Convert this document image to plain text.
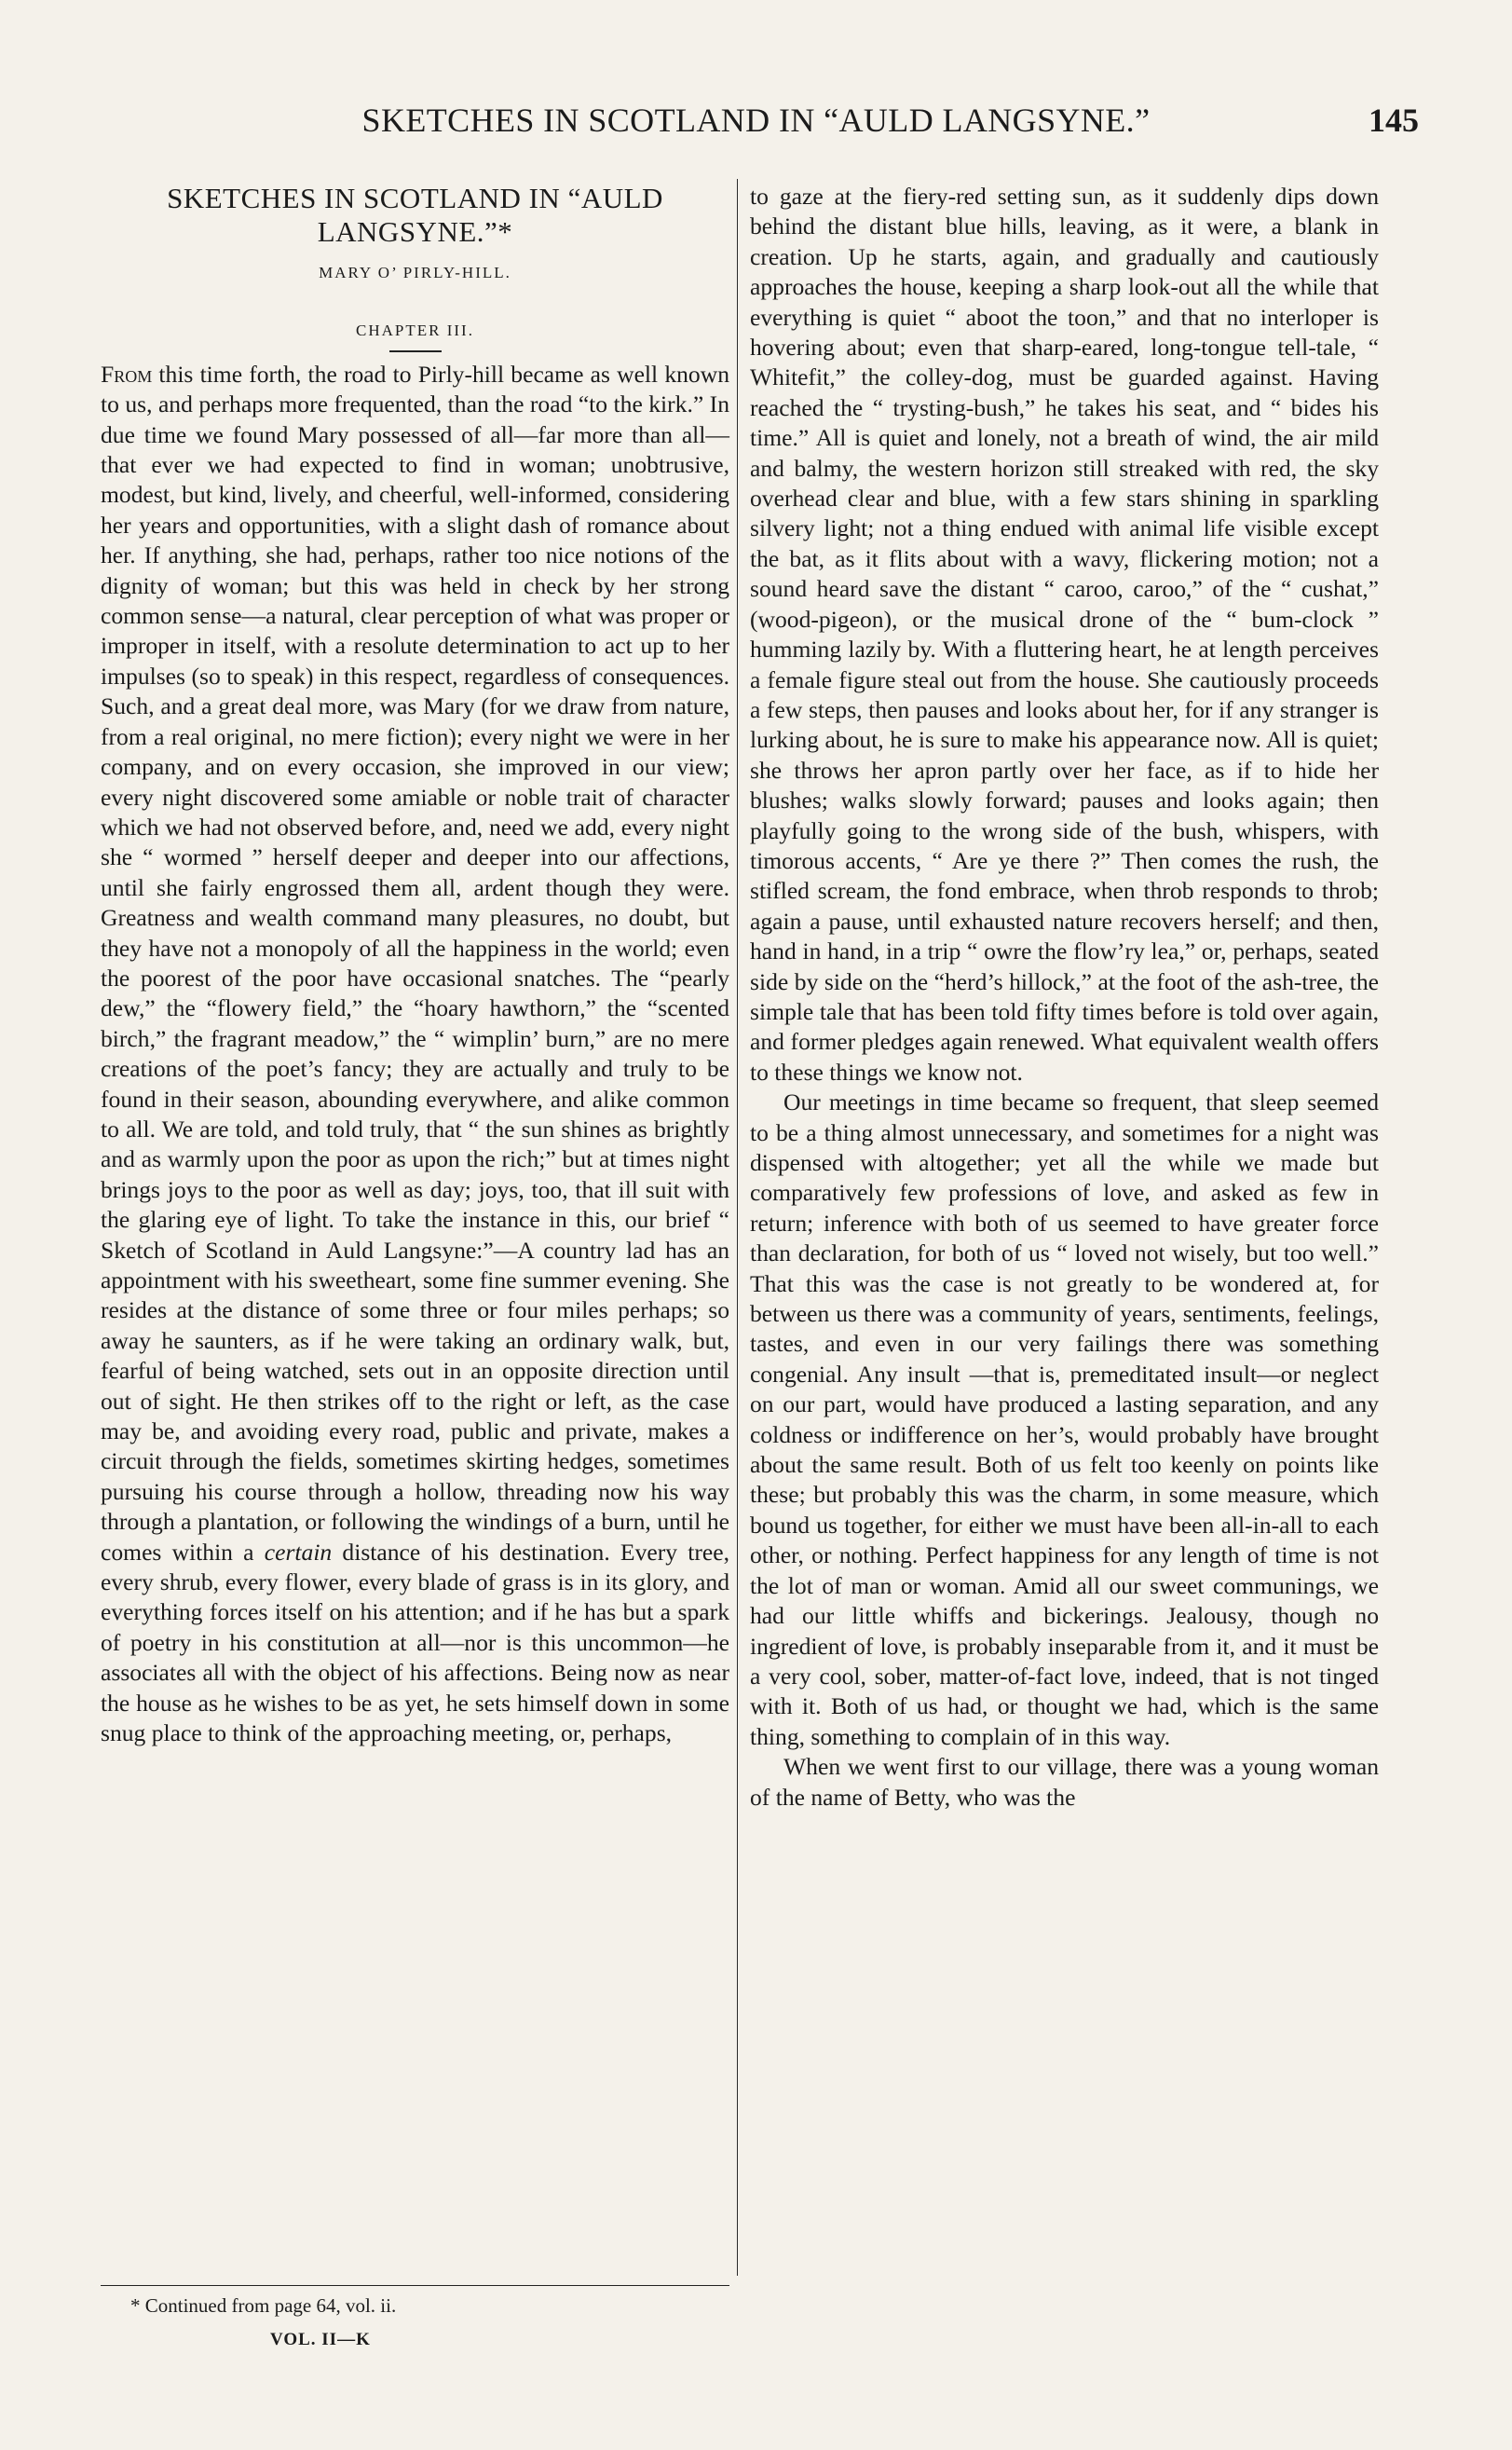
SKETCHES IN SCOTLAND IN “AULD LANGSYNE.”	145
SKETCHES IN SCOTLAND IN “AULD LANGSYNE.”*
MARY O’ PIRLY-HILL.
CHAPTER III.

From this time forth, the road to Pirly-hill became as well known to us, and perhaps more frequented, than the road “to the kirk.” In due time we found Mary possessed of all—far more than all—that ever we had expected to find in woman; unobtrusive, modest, but kind, lively, and cheerful, well-informed, considering her years and opportunities, with a slight dash of romance about her. If anything, she had, perhaps, rather too nice notions of the dignity of woman; but this was held in check by her strong common sense—a natural, clear perception of what was proper or improper in itself, with a resolute determination to act up to her impulses (so to speak) in this respect, regardless of consequences. Such, and a great deal more, was Mary (for we draw from nature, from a real original, no mere fiction); every night we were in her company, and on every occasion, she improved in our view; every night discovered some amiable or noble trait of character which we had not observed before, and, need we add, every night she “ wormed ” herself deeper and deeper into our affections, until she fairly engrossed them all, ardent though they were. Greatness and wealth command many pleasures, no doubt, but they have not a monopoly of all the happiness in the world; even the poorest of the poor have occasional snatches. The “pearly dew,” the “flowery field,” the “hoary hawthorn,” the “scented birch,” the fragrant meadow,” the “ wimplin’ burn,” are no mere creations of the poet’s fancy; they are actually and truly to be found in their season, abounding everywhere, and alike common to all. We are told, and told truly, that “ the sun shines as brightly and as warmly upon the poor as upon the rich;” but at times night brings joys to the poor as well as day; joys, too, that ill suit with the glaring eye of light. To take the instance in this, our brief “ Sketch of Scotland in Auld Langsyne:”—A country lad has an appointment with his sweetheart, some fine summer evening. She resides at the distance of some three or four miles perhaps; so away he saunters, as if he were taking an ordinary walk, but, fearful of being watched, sets out in an opposite direction until out of sight. He then strikes off to the right or left, as the case may be, and avoiding every road, public and private, makes a circuit through the fields, sometimes skirting hedges, sometimes pursuing his course through a hollow, threading now his way through a plantation, or following the windings of a burn, until he comes within a certain distance of his destination. Every tree, every shrub, every flower, every blade of grass is in its glory, and everything forces itself on his attention; and if he has but a spark of poetry in his constitution at all—nor is this uncommon—he associates all with the object of his affections. Being now as near the house as he wishes to be as yet, he sets himself down in some snug place to think of the approaching meeting, or, perhaps,

to gaze at the fiery-red setting sun, as it suddenly dips down behind the distant blue hills, leaving, as it were, a blank in creation. Up he starts, again, and gradually and cautiously approaches the house, keeping a sharp look-out all the while that everything is quiet “ aboot the toon,” and that no interloper is hovering about; even that sharp-eared, long-tongue tell-tale, “ Whitefit,” the colley-dog, must be guarded against. Having reached the “ trysting-bush,” he takes his seat, and “ bides his time.” All is quiet and lonely, not a breath of wind, the air mild and balmy, the western horizon still streaked with red, the sky overhead clear and blue, with a few stars shining in sparkling silvery light; not a thing endued with animal life visible except the bat, as it flits about with a wavy, flickering motion; not a sound heard save the distant “ caroo, caroo,” of the “ cushat,” (wood-pigeon), or the musical drone of the “ bum-clock ” humming lazily by. With a fluttering heart, he at length perceives a female figure steal out from the house. She cautiously proceeds a few steps, then pauses and looks about her, for if any stranger is lurking about, he is sure to make his appearance now. All is quiet; she throws her apron partly over her face, as if to hide her blushes; walks slowly forward; pauses and looks again; then playfully going to the wrong side of the bush, whispers, with timorous accents, “ Are ye there ?” Then comes the rush, the stifled scream, the fond embrace, when throb responds to throb; again a pause, until exhausted nature recovers herself; and then, hand in hand, in a trip “ owre the flow’ry lea,” or, perhaps, seated side by side on the “herd’s hillock,” at the foot of the ash-tree, the simple tale that has been told fifty times before is told over again, and former pledges again renewed. What equivalent wealth offers to these things we know not.

Our meetings in time became so frequent, that sleep seemed to be a thing almost unnecessary, and sometimes for a night was dispensed with altogether; yet all the while we made but comparatively few professions of love, and asked as few in return; inference with both of us seemed to have greater force than declaration, for both of us “ loved not wisely, but too well.” That this was the case is not greatly to be wondered at, for between us there was a community of years, sentiments, feelings, tastes, and even in our very failings there was something congenial. Any insult —that is, premeditated insult—or neglect on our part, would have produced a lasting separation, and any coldness or indifference on her’s, would probably have brought about the same result. Both of us felt too keenly on points like these; but probably this was the charm, in some measure, which bound us together, for either we must have been all-in-all to each other, or nothing. Perfect happiness for any length of time is not the lot of man or woman. Amid all our sweet communings, we had our little whiffs and bickerings. Jealousy, though no ingredient of love, is probably inseparable from it, and it must be a very cool, sober, matter-of-fact love, indeed, that is not tinged with it. Both of us had, or thought we had, which is the same thing, something to complain of in this way.

When we went first to our village, there was a young woman of the name of Betty, who was the

* Continued from page 64, vol. ii.
VOL. II—K
